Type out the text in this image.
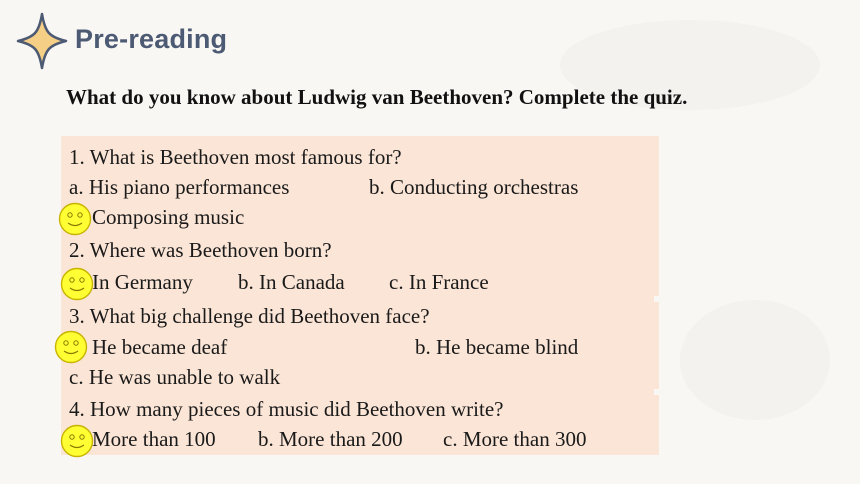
Pre-reading
What do you know about Ludwig van Beethoven? Complete the quiz.
1. What is Beethoven most famous for?
a. His piano performances	b. Conducting orchestras
Composing music
2. Where was Beethoven born?
In Germany b. In Canada c. In France
3. What big challenge did Beethoven face?
He became deaf	b. He became blind
c. He was unable to walk
4. How many pieces of music did Beethoven write?
More than 100 b. More than 200 c. More than 300
